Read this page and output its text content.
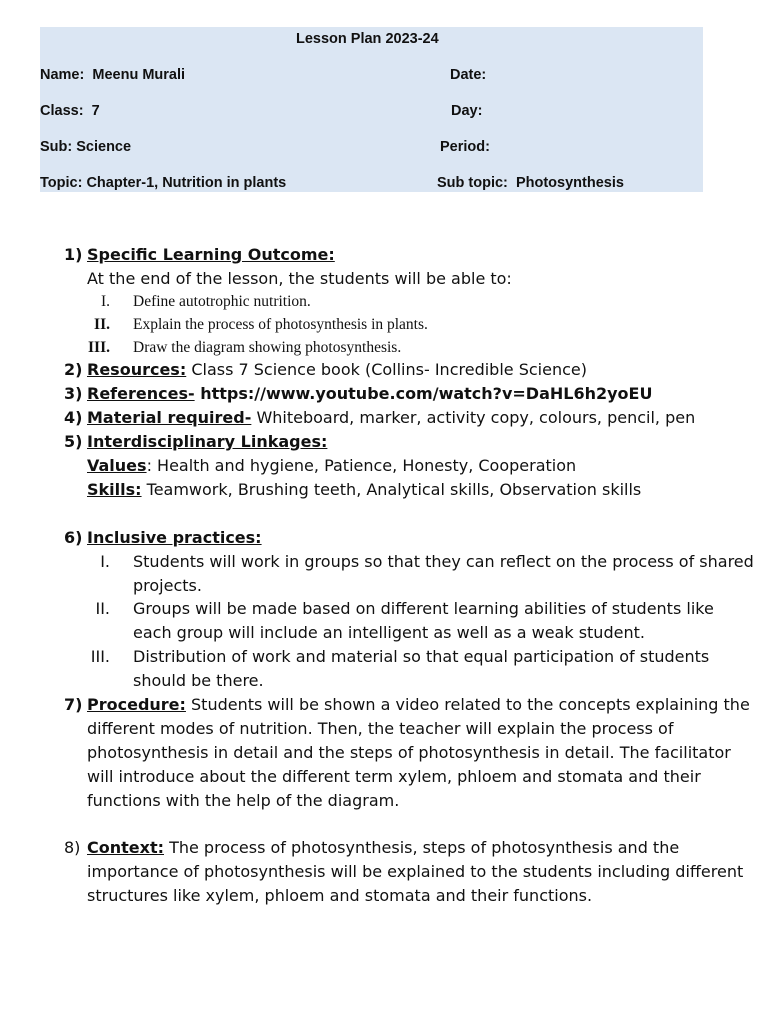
Lesson Plan 2023-24
Name: Meenu Murali	Date:
Class: 7	Day:
Sub: Science	Period:
Topic: Chapter-1, Nutrition in plants	Sub topic: Photosynthesis
1) Specific Learning Outcome:
At the end of the lesson, the students will be able to:
I. Define autotrophic nutrition.
II. Explain the process of photosynthesis in plants.
III. Draw the diagram showing photosynthesis.
2) Resources: Class 7 Science book (Collins- Incredible Science)
3) References- https://www.youtube.com/watch?v=DaHL6h2yoEU
4) Material required- Whiteboard, marker, activity copy, colours, pencil, pen
5) Interdisciplinary Linkages:
Values: Health and hygiene, Patience, Honesty, Cooperation
Skills: Teamwork, Brushing teeth, Analytical skills, Observation skills
6) Inclusive practices:
I. Students will work in groups so that they can reflect on the process of shared
projects.
II. Groups will be made based on different learning abilities of students like
each group will include an intelligent as well as a weak student.
III. Distribution of work and material so that equal participation of students
should be there.
7) Procedure: Students will be shown a video related to the concepts explaining the
different modes of nutrition. Then, the teacher will explain the process of
photosynthesis in detail and the steps of photosynthesis in detail. The facilitator
will introduce about the different term xylem, phloem and stomata and their
functions with the help of the diagram.
8) Context: The process of photosynthesis, steps of photosynthesis and the
importance of photosynthesis will be explained to the students including different
structures like xylem, phloem and stomata and their functions.
